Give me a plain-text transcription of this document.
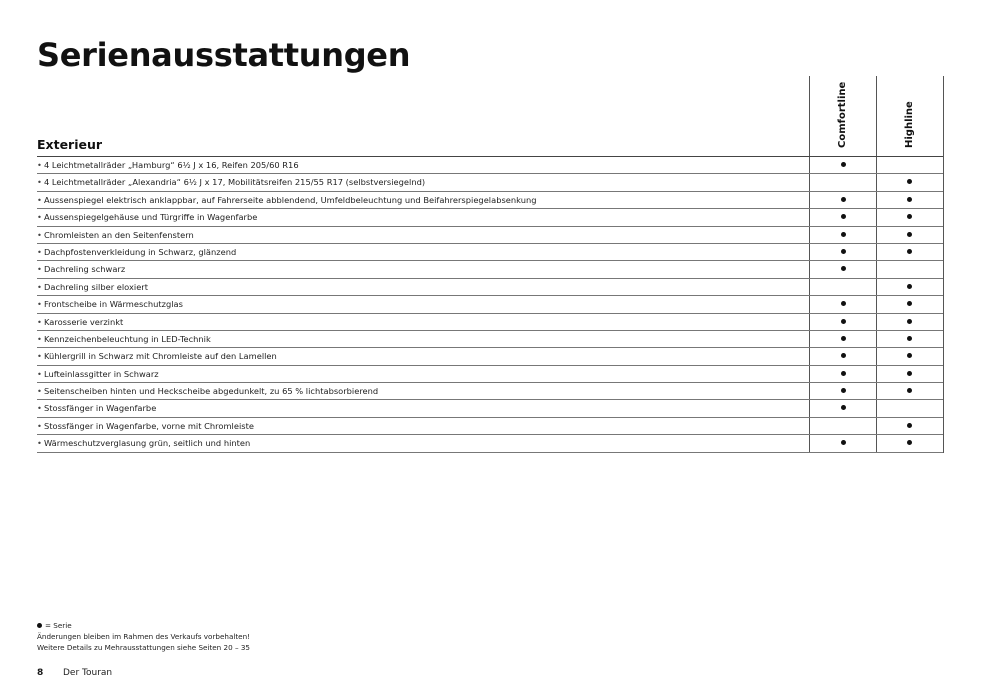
Serienausstattungen
Comfortline	Highline
Exterieur
• 4 Leichtmetallräder „Hamburg“ 6½ J x 16, Reifen 205/60 R16
• 4 Leichtmetallräder „Alexandria“ 6½ J x 17, Mobilitätsreifen 215/55 R17 (selbstversiegelnd)
• Aussenspiegel elektrisch anklappbar, auf Fahrerseite abblendend, Umfeldbeleuchtung und Beifahrerspiegelabsenkung
• Aussenspiegelgehäuse und Türgriffe in Wagenfarbe
• Chromleisten an den Seitenfenstern
• Dachpfostenverkleidung in Schwarz, glänzend
• Dachreling schwarz
• Dachreling silber eloxiert
• Frontscheibe in Wärmeschutzglas
• Karosserie verzinkt
• Kennzeichenbeleuchtung in LED-Technik
• Kühlergrill in Schwarz mit Chromleiste auf den Lamellen
• Lufteinlassgitter in Schwarz
• Seitenscheiben hinten und Heckscheibe abgedunkelt, zu 65 % lichtabsorbierend
• Stossfänger in Wagenfarbe
• Stossfänger in Wagenfarbe, vorne mit Chromleiste
• Wärmeschutzverglasung grün, seitlich und hinten
= Serie
Änderungen bleiben im Rahmen des Verkaufs vorbehalten!
Weitere Details zu Mehrausstattungen siehe Seiten 20 – 35
8 Der Touran
